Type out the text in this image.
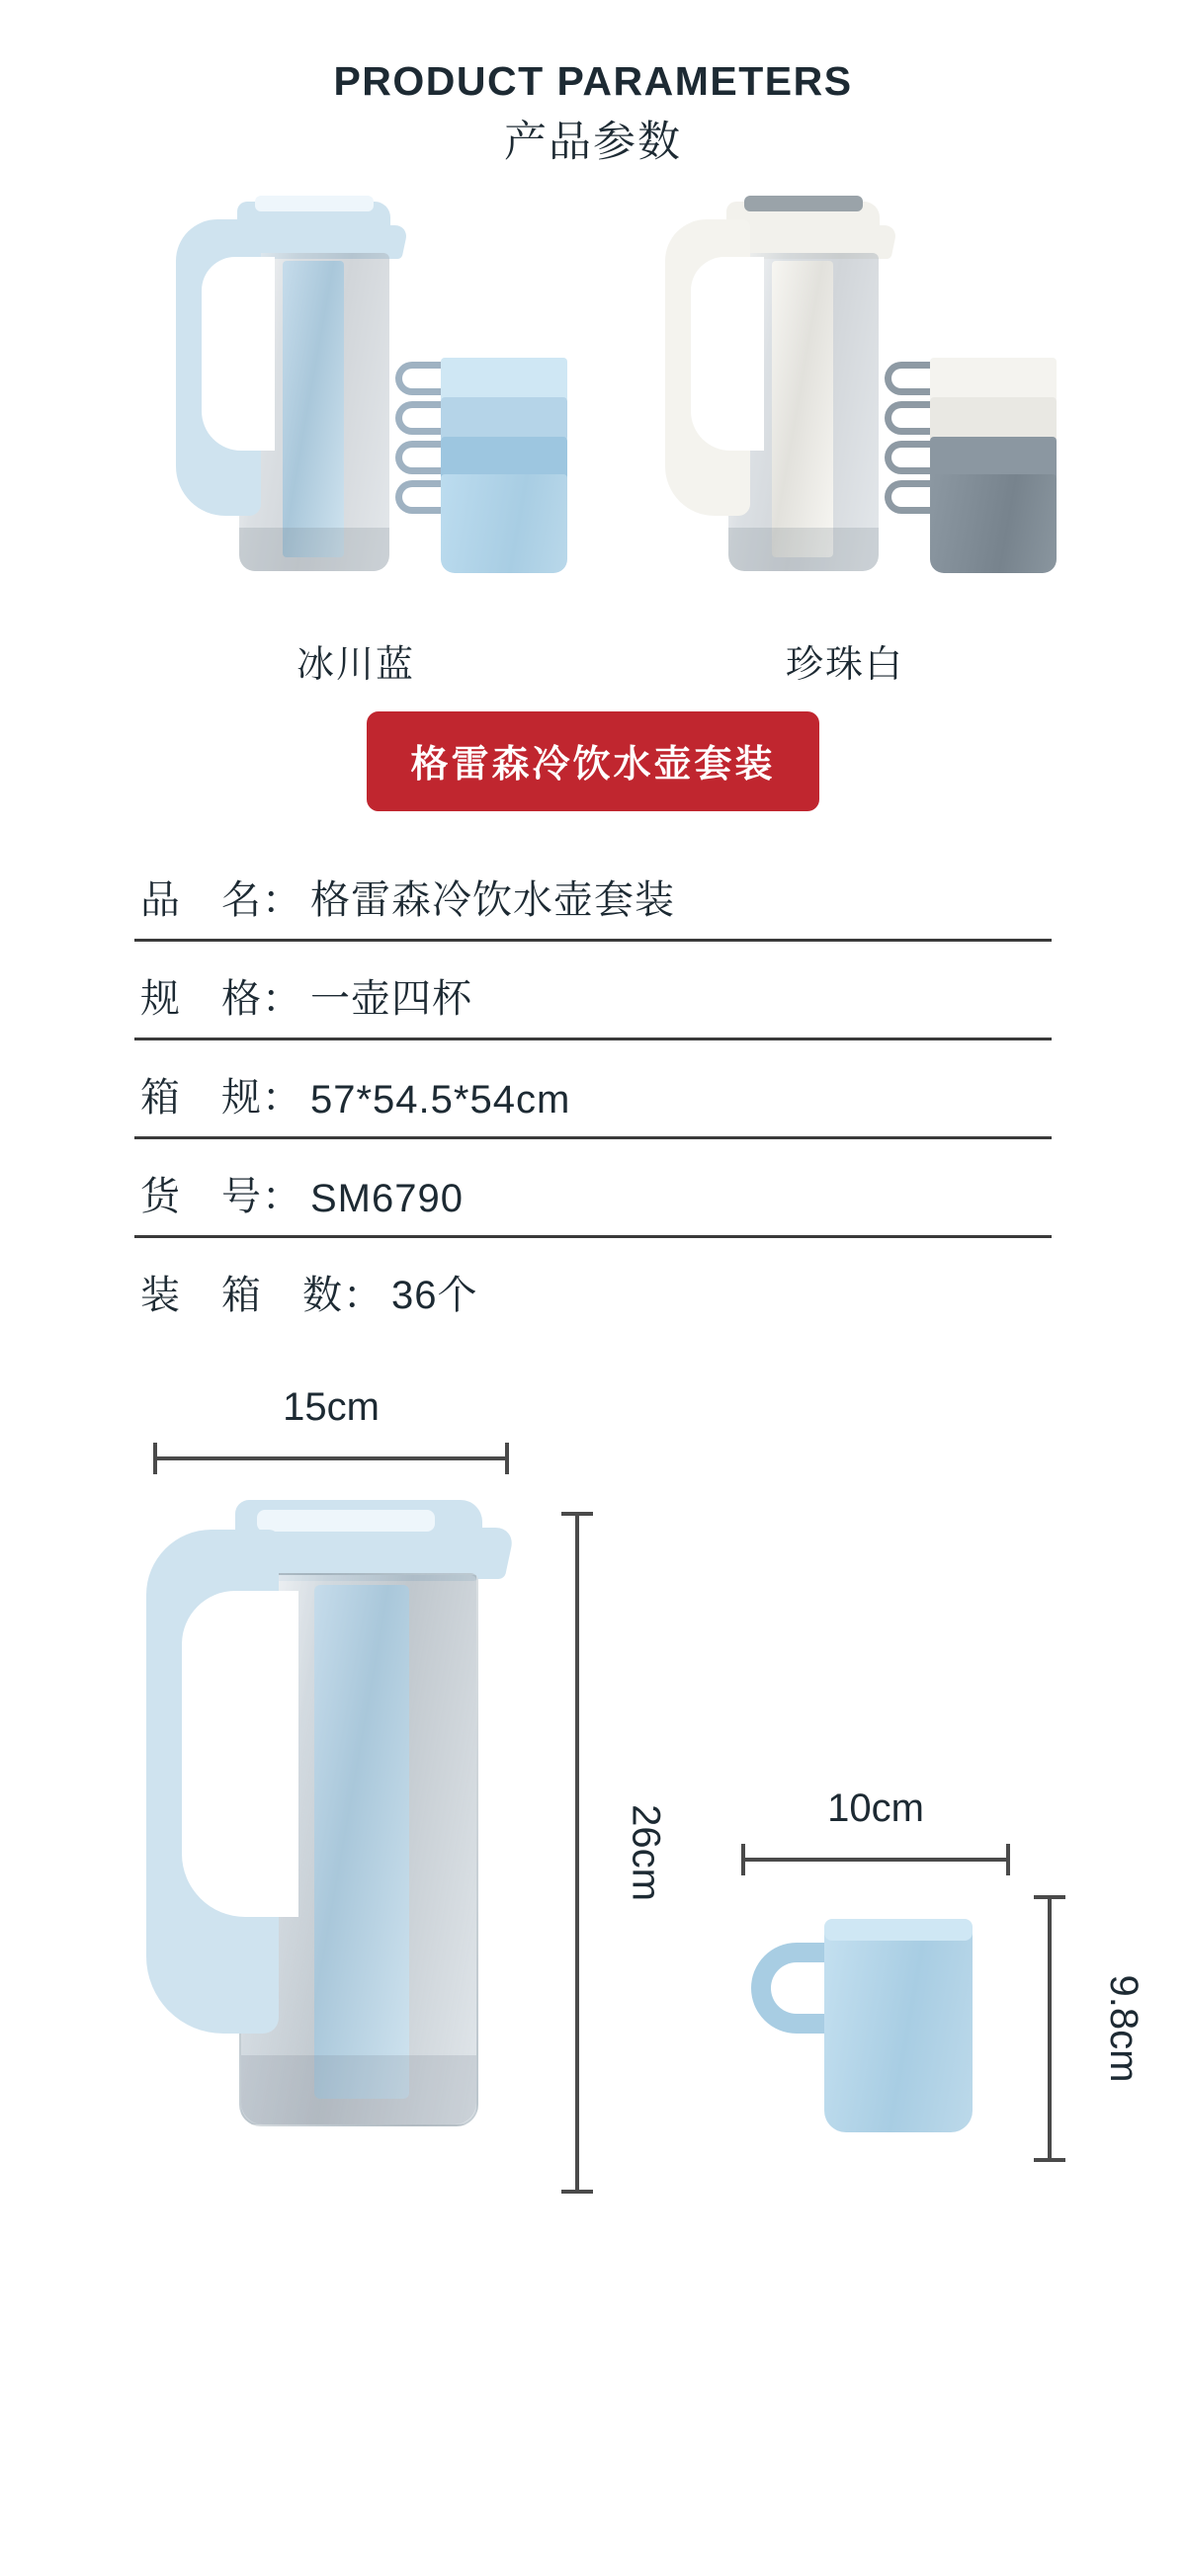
PRODUCT PARAMETERS
产品参数
冰川蓝	珍珠白
格雷森冷饮水壶套装
品　名： 格雷森冷饮水壶套装
规　格： 一壶四杯
箱　规： 57*54.5*54cm
货　号： SM6790
装　箱　数： 36个
15cm
26cm	10cm
9.8cm
